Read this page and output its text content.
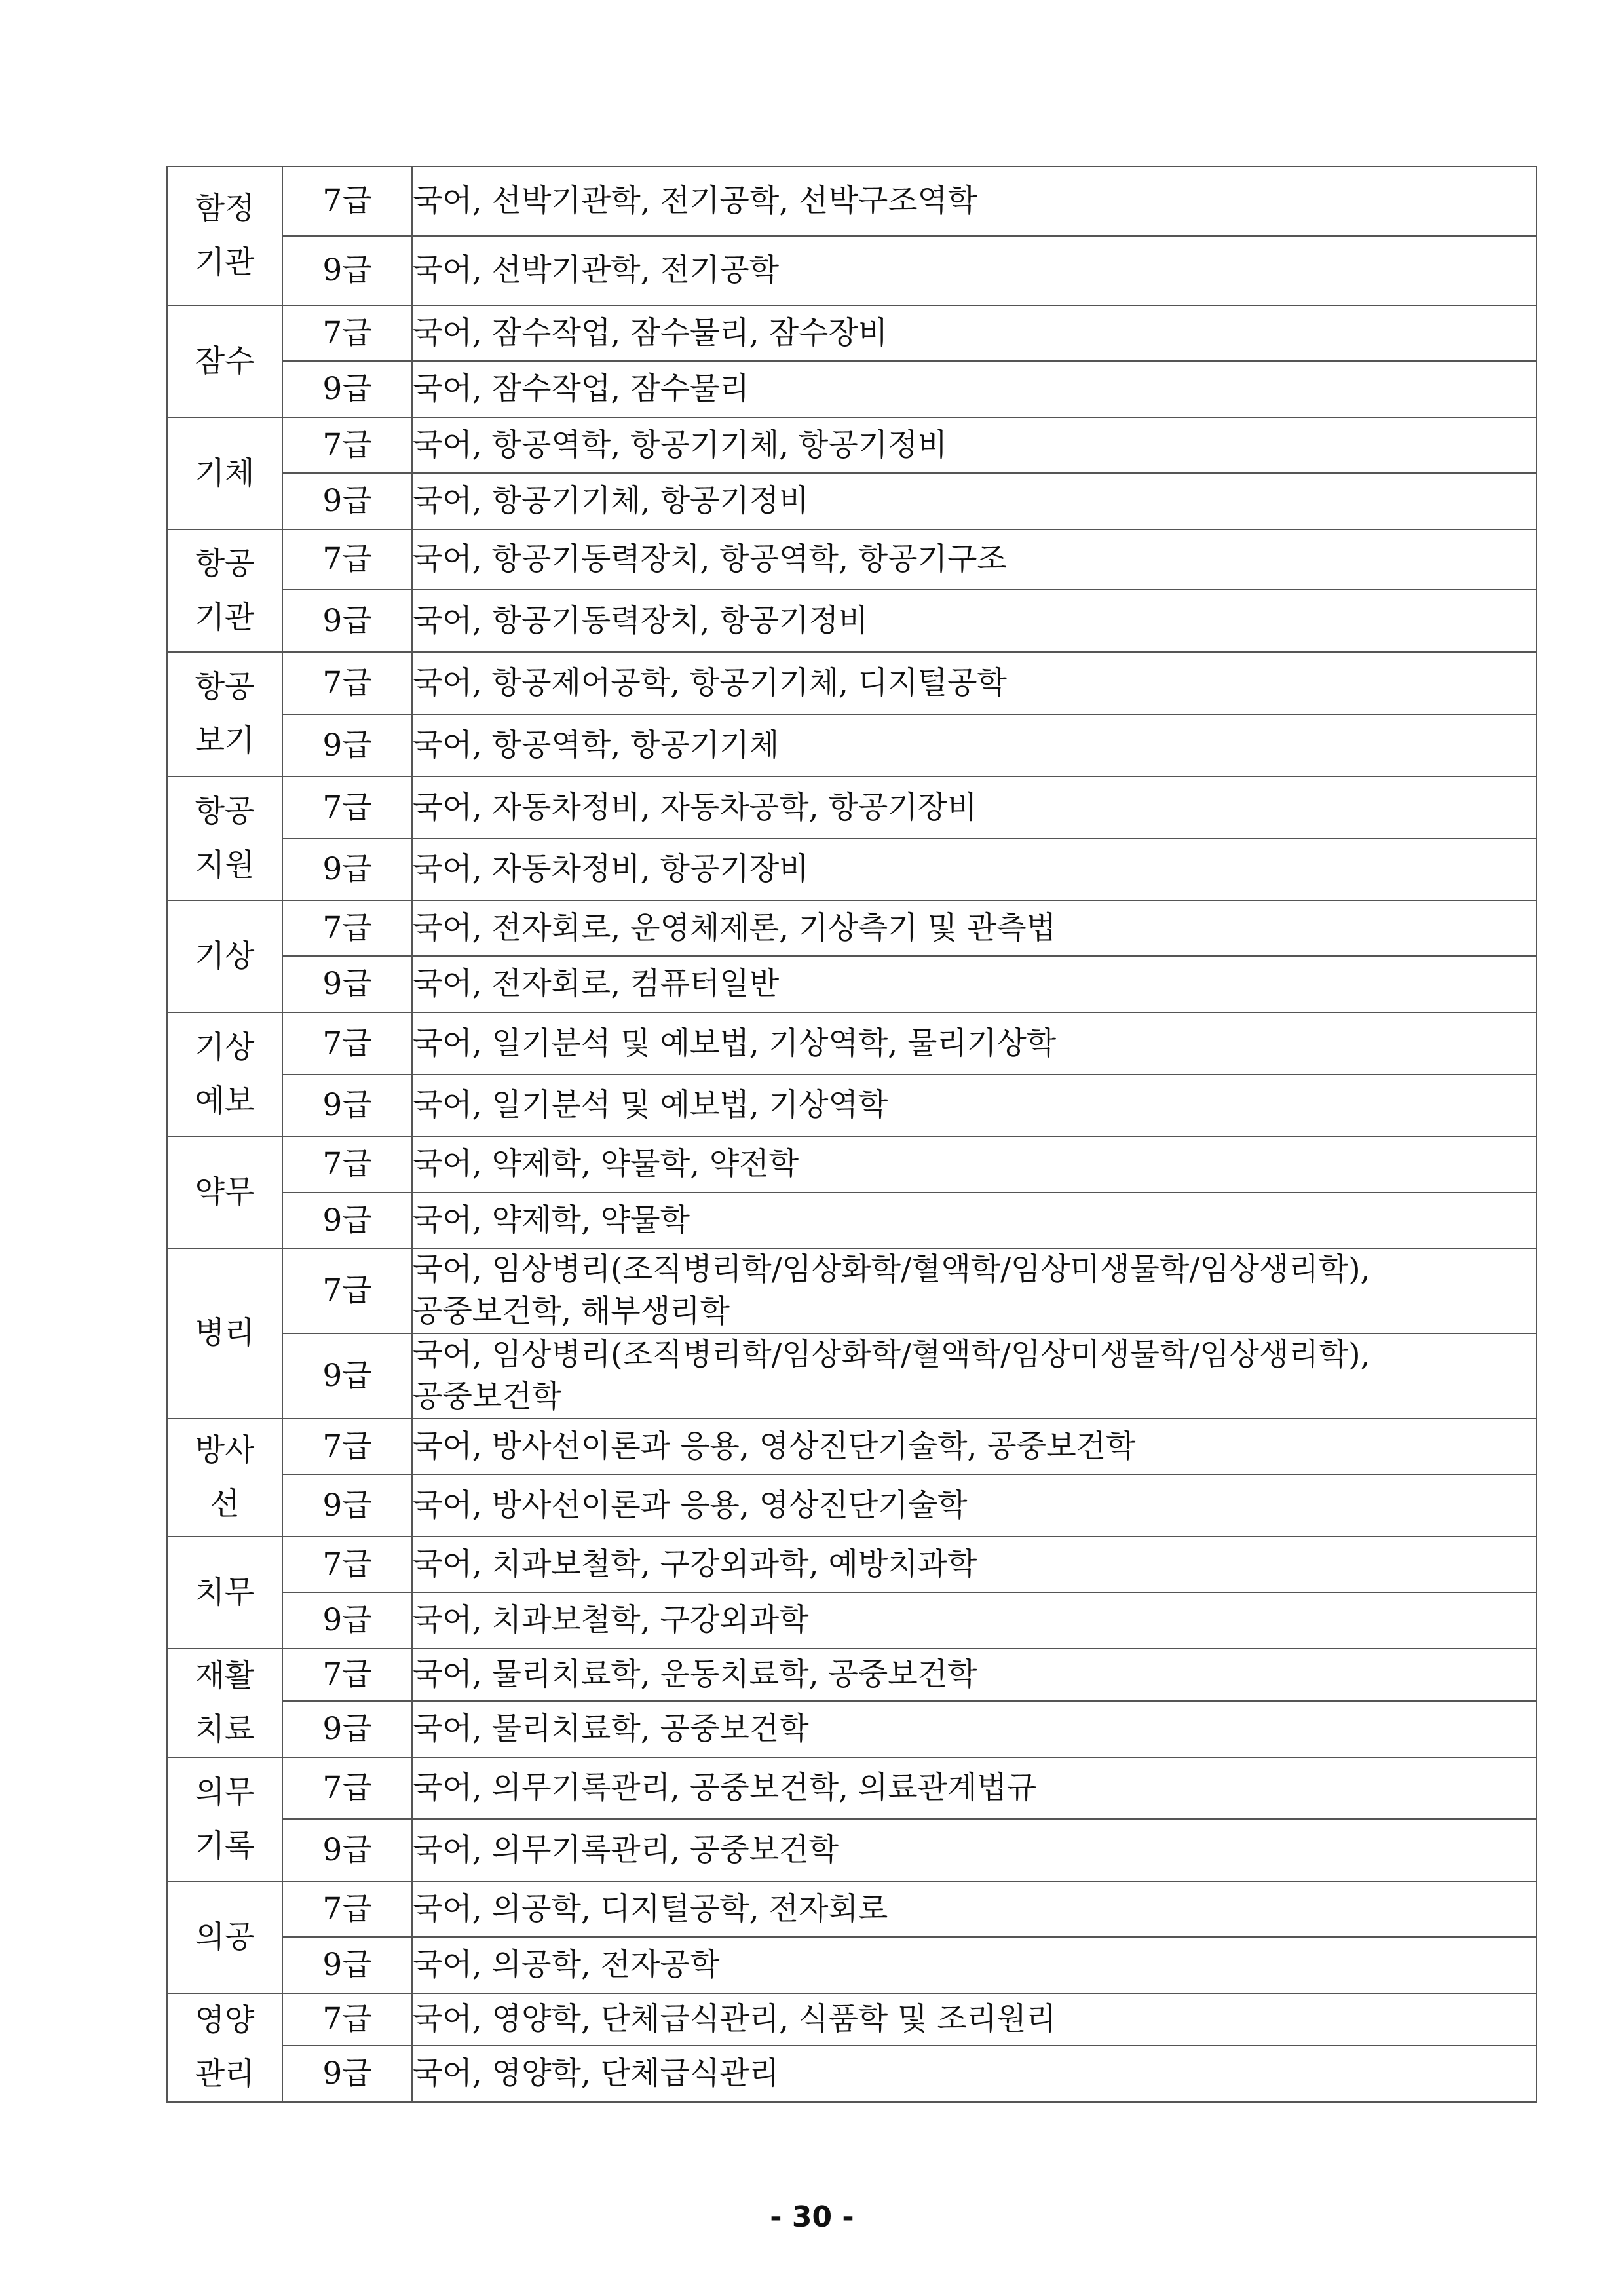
함정
기관	7급	국어, 선박기관학, 전기공학, 선박구조역학

	9급	국어, 선박기관학, 전기공학

잠수	7급	국어, 잠수작업, 잠수물리, 잠수장비

	9급	국어, 잠수작업, 잠수물리

기체	7급	국어, 항공역학, 항공기기체, 항공기정비

	9급	국어, 항공기기체, 항공기정비

항공
기관	7급	국어, 항공기동력장치, 항공역학, 항공기구조

	9급	국어, 항공기동력장치, 항공기정비

항공
보기	7급	국어, 항공제어공학, 항공기기체, 디지털공학

	9급	국어, 항공역학, 항공기기체

항공
지원	7급	국어, 자동차정비, 자동차공학, 항공기장비

	9급	국어, 자동차정비, 항공기장비

기상	7급	국어, 전자회로, 운영체제론, 기상측기 및 관측법

	9급	국어, 전자회로, 컴퓨터일반

기상
예보	7급	국어, 일기분석 및 예보법, 기상역학, 물리기상학

	9급	국어, 일기분석 및 예보법, 기상역학

약무	7급	국어, 약제학, 약물학, 약전학

	9급	국어, 약제학, 약물학

병리	7급	국어, 임상병리(조직병리학/임상화학/혈액학/임상미생물학/임상생리학),
공중보건학, 해부생리학

	9급	국어, 임상병리(조직병리학/임상화학/혈액학/임상미생물학/임상생리학),
공중보건학

방사
선	7급	국어, 방사선이론과 응용, 영상진단기술학, 공중보건학

	9급	국어, 방사선이론과 응용, 영상진단기술학

치무	7급	국어, 치과보철학, 구강외과학, 예방치과학

	9급	국어, 치과보철학, 구강외과학

재활
치료	7급	국어, 물리치료학, 운동치료학, 공중보건학

	9급	국어, 물리치료학, 공중보건학

의무
기록	7급	국어, 의무기록관리, 공중보건학, 의료관계법규

	9급	국어, 의무기록관리, 공중보건학

의공	7급	국어, 의공학, 디지털공학, 전자회로

	9급	국어, 의공학, 전자공학

영양
관리	7급	국어, 영양학, 단체급식관리, 식품학 및 조리원리

	9급	국어, 영양학, 단체급식관리
- 30 -
